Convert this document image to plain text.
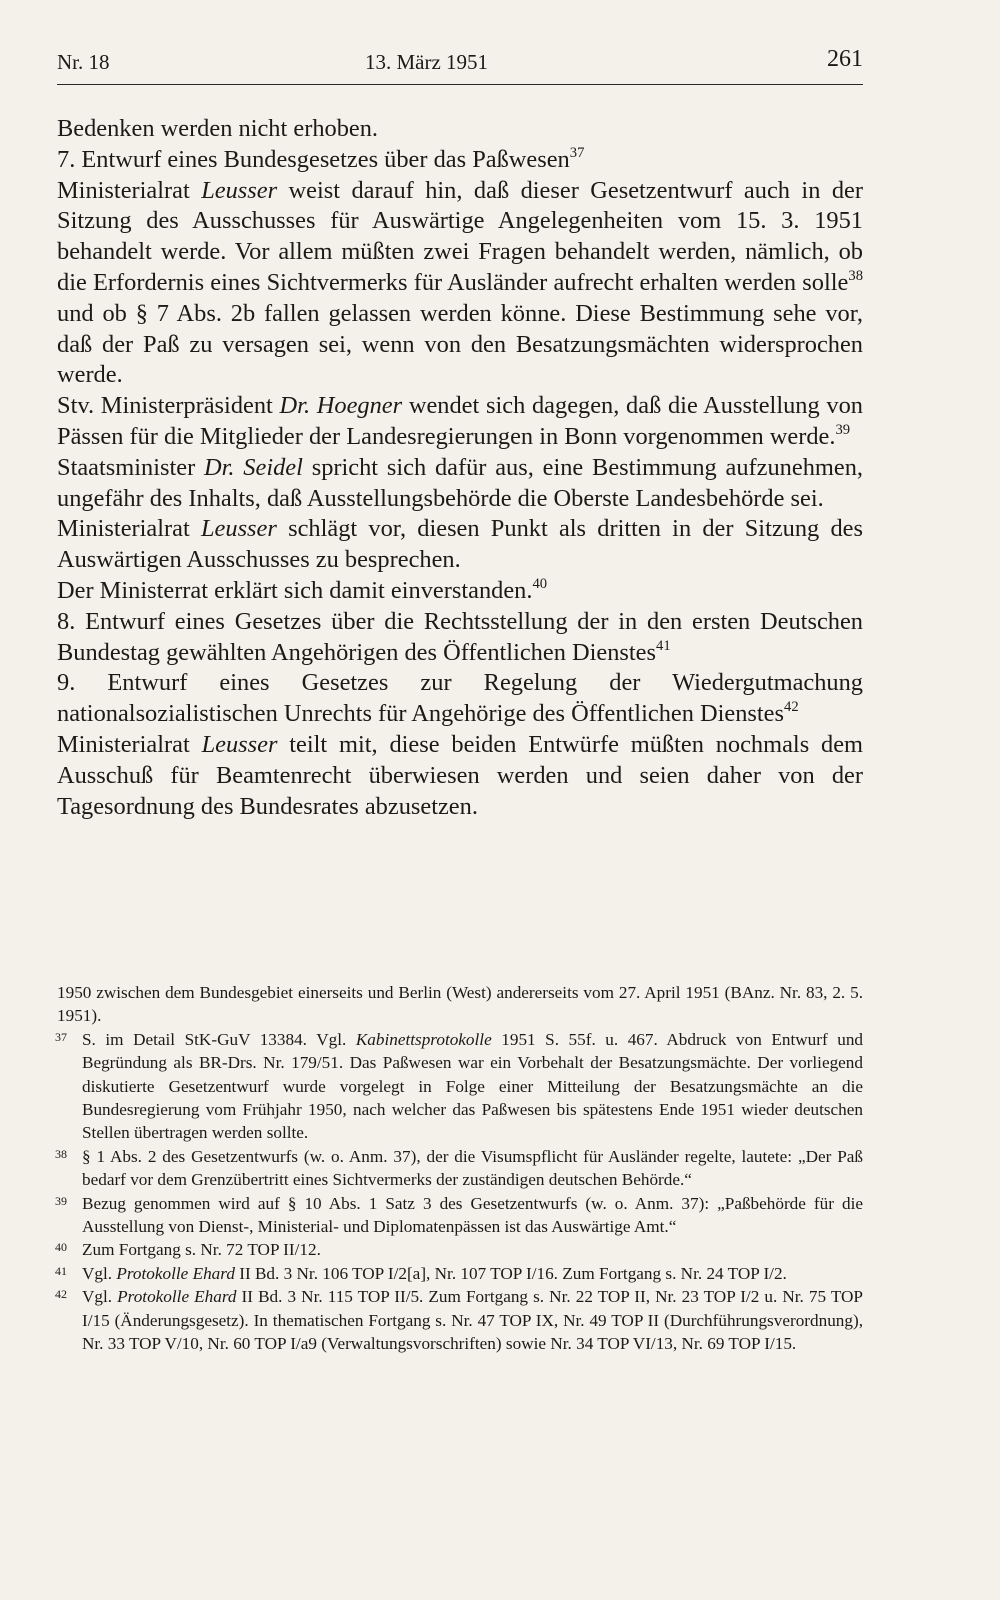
Nr. 18	13. März 1951	261

Bedenken werden nicht erhoben.

7. Entwurf eines Bundesgesetzes über das Paßwesen$^{37}$

Ministerialrat Leusser weist darauf hin, daß dieser Gesetzentwurf auch in der Sitzung des Ausschusses für Auswärtige Angelegenheiten vom 15. 3. 1951 behandelt werde. Vor allem müßten zwei Fragen behandelt werden, nämlich, ob die Erfordernis eines Sichtvermerks für Ausländer aufrecht erhalten werden solle$^{38}$ und ob § 7 Abs. 2b fallen gelassen werden könne. Diese Bestimmung sehe vor, daß der Paß zu versagen sei, wenn von den Besatzungsmächten widersprochen werde.

Stv. Ministerpräsident Dr. Hoegner wendet sich dagegen, daß die Ausstellung von Pässen für die Mitglieder der Landesregierungen in Bonn vorgenommen werde.$^{39}$

Staatsminister Dr. Seidel spricht sich dafür aus, eine Bestimmung aufzunehmen, ungefähr des Inhalts, daß Ausstellungsbehörde die Oberste Landesbehörde sei.

Ministerialrat Leusser schlägt vor, diesen Punkt als dritten in der Sitzung des Auswärtigen Ausschusses zu besprechen.

Der Ministerrat erklärt sich damit einverstanden.$^{40}$

8. Entwurf eines Gesetzes über die Rechtsstellung der in den ersten Deutschen Bundestag gewählten Angehörigen des Öffentlichen Dienstes$^{41}$

9. Entwurf eines Gesetzes zur Regelung der Wiedergutmachung nationalsozialistischen Unrechts für Angehörige des Öffentlichen Dienstes$^{42}$

Ministerialrat Leusser teilt mit, diese beiden Entwürfe müßten nochmals dem Ausschuß für Beamtenrecht überwiesen werden und seien daher von der Tagesordnung des Bundesrates abzusetzen.

1950 zwischen dem Bundesgebiet einerseits und Berlin (West) andererseits vom 27. April 1951 (BAnz. Nr. 83, 2. 5. 1951).

37 S. im Detail StK-GuV 13384. Vgl. Kabinettsprotokolle 1951 S. 55f. u. 467. Abdruck von Entwurf und Begründung als BR-Drs. Nr. 179/51. Das Paßwesen war ein Vorbehalt der Besatzungsmächte. Der vorliegend diskutierte Gesetzentwurf wurde vorgelegt in Folge einer Mitteilung der Besatzungsmächte an die Bundesregierung vom Frühjahr 1950, nach welcher das Paßwesen bis spätestens Ende 1951 wieder deutschen Stellen übertragen werden sollte.

38 § 1 Abs. 2 des Gesetzentwurfs (w. o. Anm. 37), der die Visumspflicht für Ausländer regelte, lautete: „Der Paß bedarf vor dem Grenzübertritt eines Sichtvermerks der zuständigen deutschen Behörde.“

39 Bezug genommen wird auf § 10 Abs. 1 Satz 3 des Gesetzentwurfs (w. o. Anm. 37): „Paßbehörde für die Ausstellung von Dienst-, Ministerial- und Diplomatenpässen ist das Auswärtige Amt.“

40 Zum Fortgang s. Nr. 72 TOP II/12.

41 Vgl. Protokolle Ehard II Bd. 3 Nr. 106 TOP I/2[a], Nr. 107 TOP I/16. Zum Fortgang s. Nr. 24 TOP I/2.

42 Vgl. Protokolle Ehard II Bd. 3 Nr. 115 TOP II/5. Zum Fortgang s. Nr. 22 TOP II, Nr. 23 TOP I/2 u. Nr. 75 TOP I/15 (Änderungsgesetz). In thematischen Fortgang s. Nr. 47 TOP IX, Nr. 49 TOP II (Durchführungsverordnung), Nr. 33 TOP V/10, Nr. 60 TOP I/a9 (Verwaltungsvorschriften) sowie Nr. 34 TOP VI/13, Nr. 69 TOP I/15.
